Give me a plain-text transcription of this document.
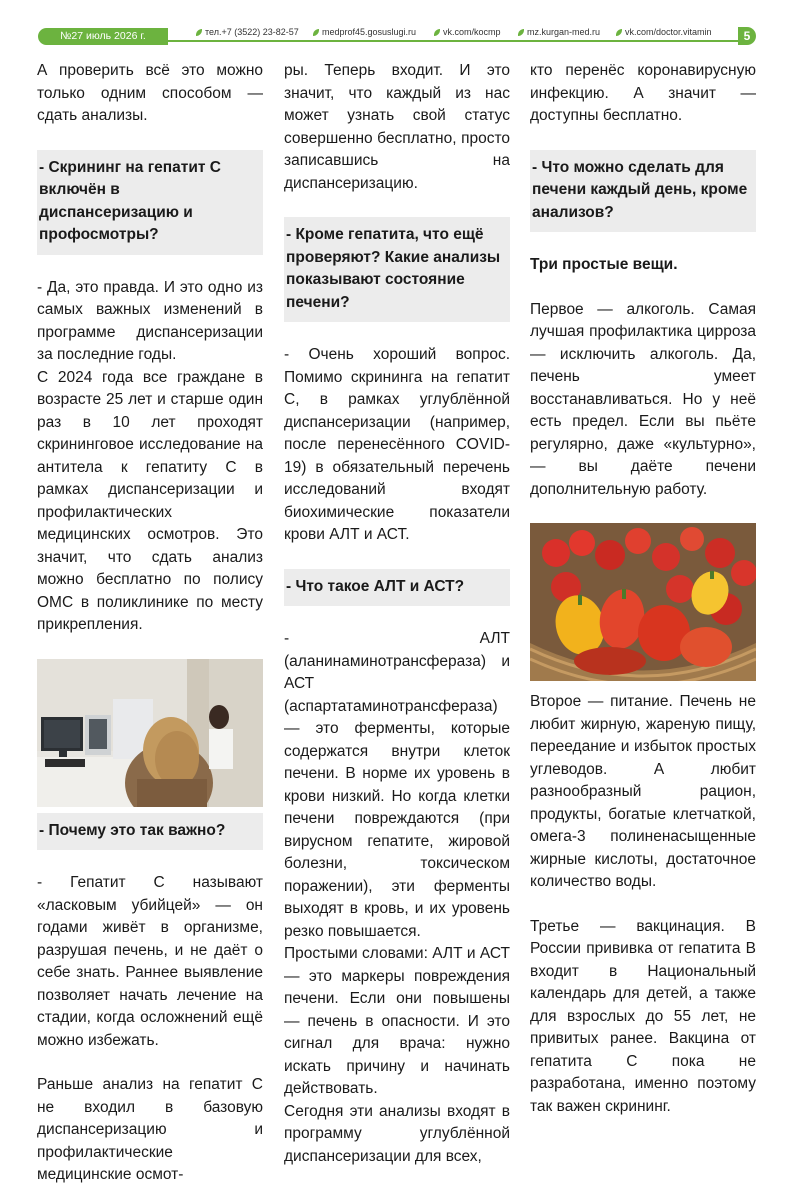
№27 июль 2026 г.	тел.+7 (3522) 23-82-57	medprof45.gosuslugi.ru	vk.com/kocmp	mz.kurgan-med.ru	vk.com/doctor.vitamin	5

А проверить всё это можно только одним способом — сдать анализы.

- Скрининг на гепатит С включён в диспансеризацию и профосмотры?

- Да, это правда. И это одно из самых важных изменений в программе диспансеризации за последние годы.

С 2024 года все граждане в возрасте 25 лет и старше один раз в 10 лет проходят скрининговое исследование на антитела к гепатиту С в рамках диспансеризации и профилактических медицинских осмотров. Это значит, что сдать анализ можно бесплатно по полису ОМС в поликлинике по месту прикрепления.

- Почему это так важно?

- Гепатит С называют «ласковым убийцей» — он годами живёт в организме, разрушая печень, и не даёт о себе знать. Раннее выявление позволяет начать лечение на стадии, когда осложнений ещё можно избежать.

Раньше анализ на гепатит С не входил в базовую диспансеризацию и профилактические медицинские осмот-

ры. Теперь входит. И это значит, что каждый из нас может узнать свой статус совершенно бесплатно, просто записавшись на диспансеризацию.

- Кроме гепатита, что ещё проверяют? Какие анализы показывают состояние печени?

- Очень хороший вопрос. Помимо скрининга на гепатит С, в рамках углублённой диспансеризации (например, после перенесённого COVID-19) в обязательный перечень исследований входят биохимические показатели крови АЛТ и АСТ.

- Что такое АЛТ и АСТ?

- АЛТ (аланинаминотрансфераза) и АСТ (аспартатаминотрансфераза) — это ферменты, которые содержатся внутри клеток печени. В норме их уровень в крови низкий. Но когда клетки печени повреждаются (при вирусном гепатите, жировой болезни, токсическом поражении), эти ферменты выходят в кровь, и их уровень резко повышается.

Простыми словами: АЛТ и АСТ — это маркеры повреждения печени. Если они повышены — печень в опасности. И это сигнал для врача: нужно искать причину и начинать действовать.

Сегодня эти анализы входят в программу углублённой диспансеризации для всех,

кто перенёс коронавирусную инфекцию. А значит — доступны бесплатно.

- Что можно сделать для печени каждый день, кроме анализов?

Три простые вещи.

Первое — алкоголь. Самая лучшая профилактика цирроза — исключить алкоголь. Да, печень умеет восстанавливаться. Но у неё есть предел. Если вы пьёте регулярно, даже «культурно», — вы даёте печени дополнительную работу.

Второе — питание. Печень не любит жирную, жареную пищу, переедание и избыток простых углеводов. А любит разнообразный рацион, продукты, богатые клетчаткой, омега-3 полиненасыщенные жирные кислоты, достаточное количество воды.

Третье — вакцинация. В России прививка от гепатита В входит в Национальный календарь для детей, а также для взрослых до 55 лет, не привитых ранее. Вакцина от гепатита С пока не разработана, именно поэтому так важен скрининг.
